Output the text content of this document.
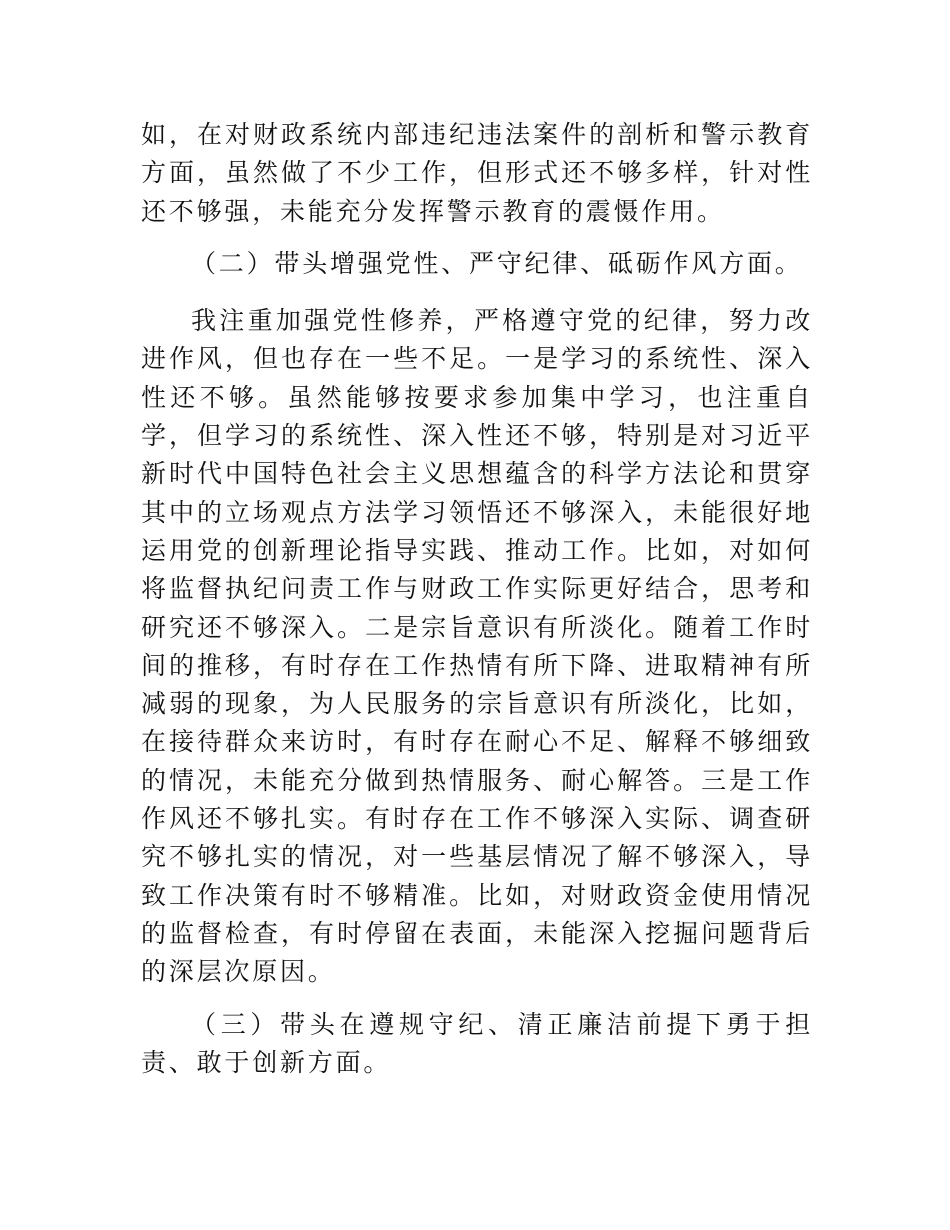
如，在对财政系统内部违纪违法案件的剖析和警示教育方面，虽然做了不少工作，但形式还不够多样，针对性还不够强，未能充分发挥警示教育的震慑作用。

（二）带头增强党性、严守纪律、砥砺作风方面。

我注重加强党性修养，严格遵守党的纪律，努力改进作风，但也存在一些不足。一是学习的系统性、深入性还不够。虽然能够按要求参加集中学习，也注重自学，但学习的系统性、深入性还不够，特别是对习近平新时代中国特色社会主义思想蕴含的科学方法论和贯穿其中的立场观点方法学习领悟还不够深入，未能很好地运用党的创新理论指导实践、推动工作。比如，对如何将监督执纪问责工作与财政工作实际更好结合，思考和研究还不够深入。二是宗旨意识有所淡化。随着工作时间的推移，有时存在工作热情有所下降、进取精神有所减弱的现象，为人民服务的宗旨意识有所淡化，比如，在接待群众来访时，有时存在耐心不足、解释不够细致的情况，未能充分做到热情服务、耐心解答。三是工作作风还不够扎实。有时存在工作不够深入实际、调查研究不够扎实的情况，对一些基层情况了解不够深入，导致工作决策有时不够精准。比如，对财政资金使用情况的监督检查，有时停留在表面，未能深入挖掘问题背后的深层次原因。

（三）带头在遵规守纪、清正廉洁前提下勇于担责、敢于创新方面。
